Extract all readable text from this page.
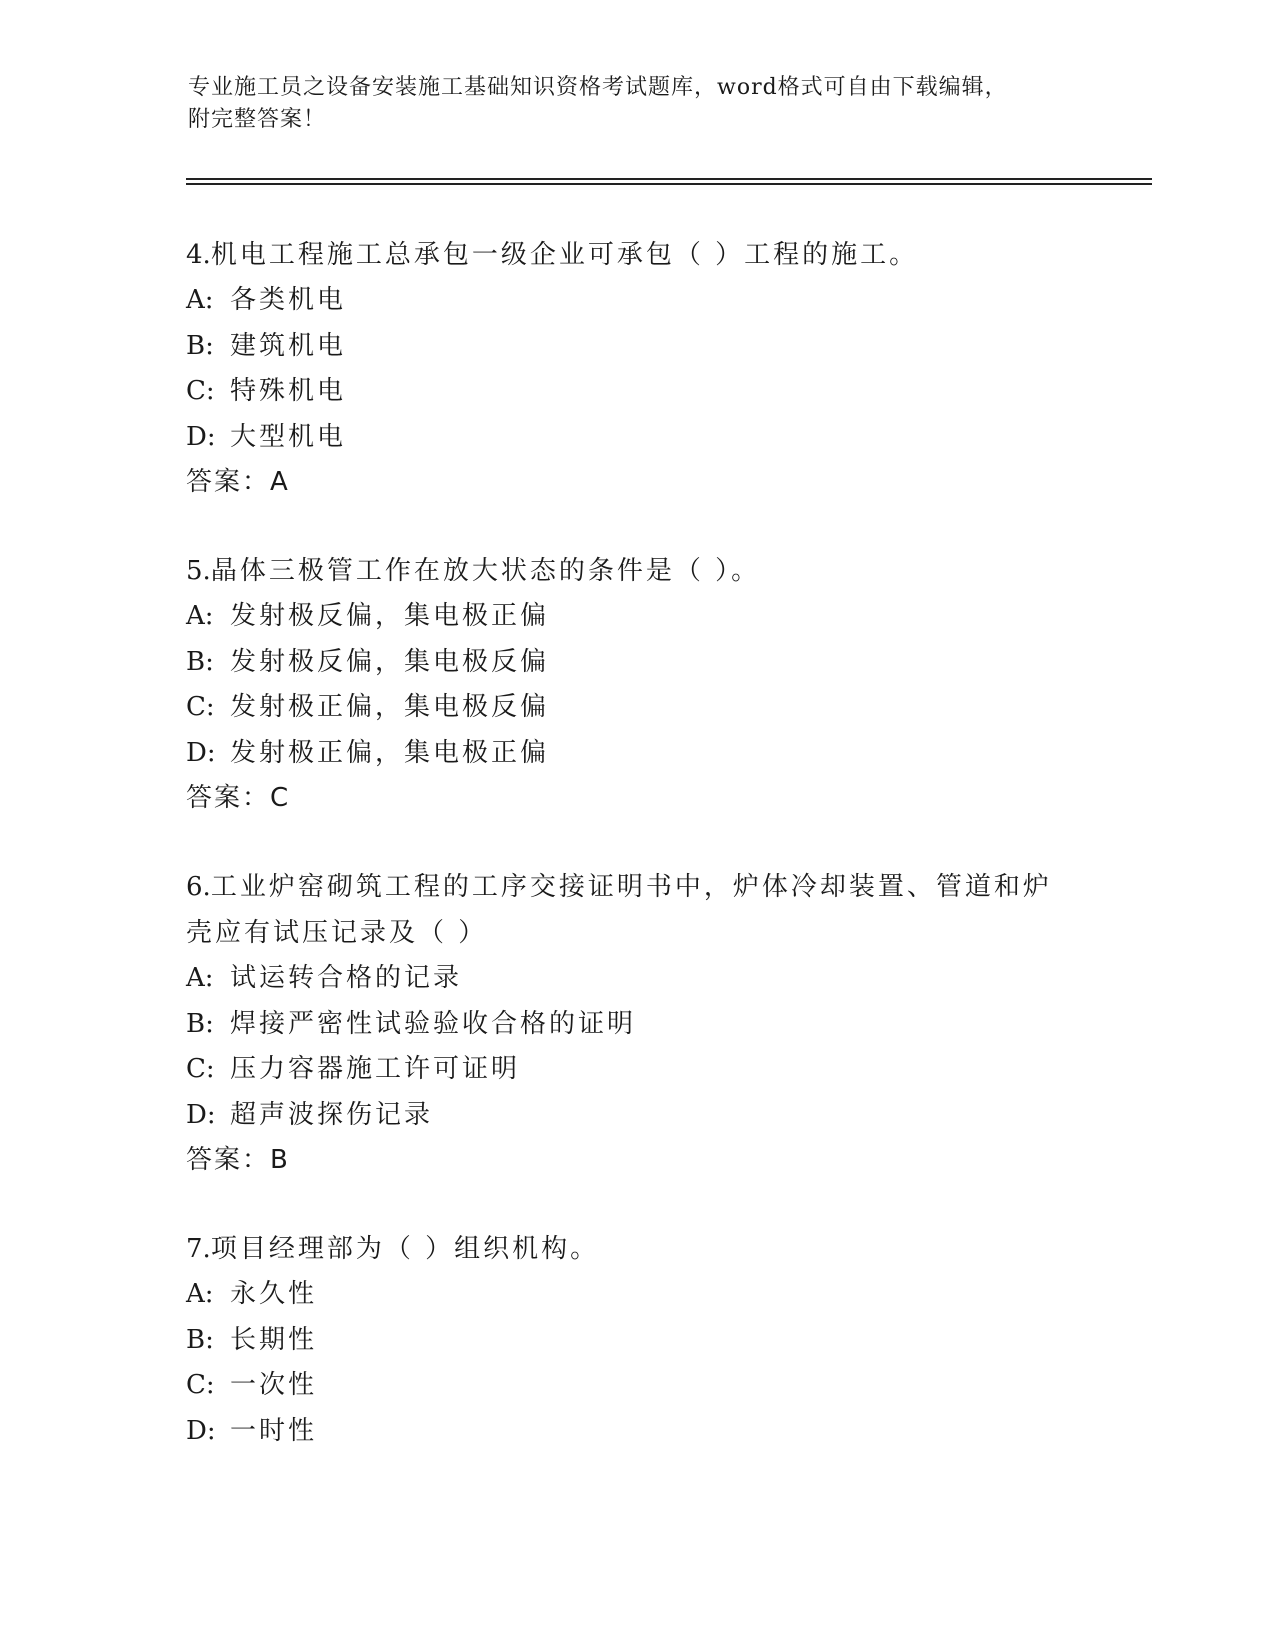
专业施工员之设备安装施工基础知识资格考试题库，word格式可自由下载编辑，
附完整答案！
4.机电工程施工总承包一级企业可承包（ ）工程的施工。
A: 各类机电
B: 建筑机电
C: 特殊机电
D: 大型机电
答案：A
5.晶体三极管工作在放大状态的条件是（ ）。
A: 发射极反偏，集电极正偏
B: 发射极反偏，集电极反偏
C: 发射极正偏，集电极反偏
D: 发射极正偏，集电极正偏
答案：C
6.工业炉窑砌筑工程的工序交接证明书中，炉体冷却装置、管道和炉
壳应有试压记录及（ ）
A: 试运转合格的记录
B: 焊接严密性试验验收合格的证明
C: 压力容器施工许可证明
D: 超声波探伤记录
答案：B
7.项目经理部为（ ）组织机构。
A: 永久性
B: 长期性
C: 一次性
D: 一时性
